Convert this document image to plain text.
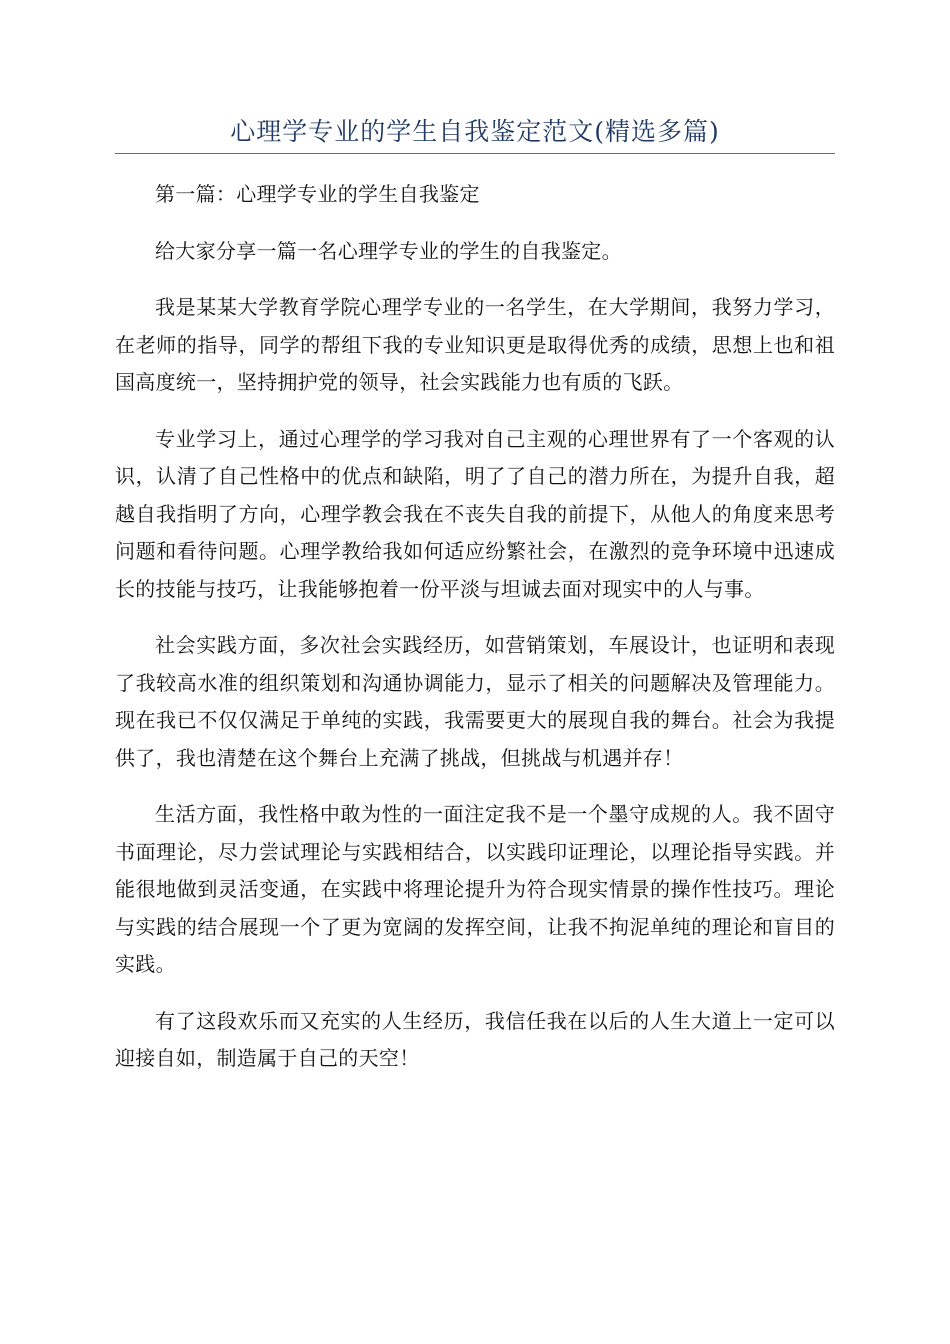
心理学专业的学生自我鉴定范文(精选多篇)

第一篇：心理学专业的学生自我鉴定

给大家分享一篇一名心理学专业的学生的自我鉴定。

我是某某大学教育学院心理学专业的一名学生，在大学期间，我努力学习，在老师的指导，同学的帮组下我的专业知识更是取得优秀的成绩，思想上也和祖国高度统一，坚持拥护党的领导，社会实践能力也有质的飞跃。

专业学习上，通过心理学的学习我对自己主观的心理世界有了一个客观的认识，认清了自己性格中的优点和缺陷，明了了自己的潜力所在，为提升自我，超越自我指明了方向，心理学教会我在不丧失自我的前提下，从他人的角度来思考问题和看待问题。心理学教给我如何适应纷繁社会，在激烈的竞争环境中迅速成长的技能与技巧，让我能够抱着一份平淡与坦诚去面对现实中的人与事。

社会实践方面，多次社会实践经历，如营销策划，车展设计，也证明和表现了我较高水准的组织策划和沟通协调能力，显示了相关的问题解决及管理能力。现在我已不仅仅满足于单纯的实践，我需要更大的展现自我的舞台。社会为我提供了，我也清楚在这个舞台上充满了挑战，但挑战与机遇并存！

生活方面，我性格中敢为性的一面注定我不是一个墨守成规的人。我不固守书面理论，尽力尝试理论与实践相结合，以实践印证理论，以理论指导实践。并能很地做到灵活变通，在实践中将理论提升为符合现实情景的操作性技巧。理论与实践的结合展现一个了更为宽阔的发挥空间，让我不拘泥单纯的理论和盲目的实践。

有了这段欢乐而又充实的人生经历，我信任我在以后的人生大道上一定可以迎接自如，制造属于自己的天空！
